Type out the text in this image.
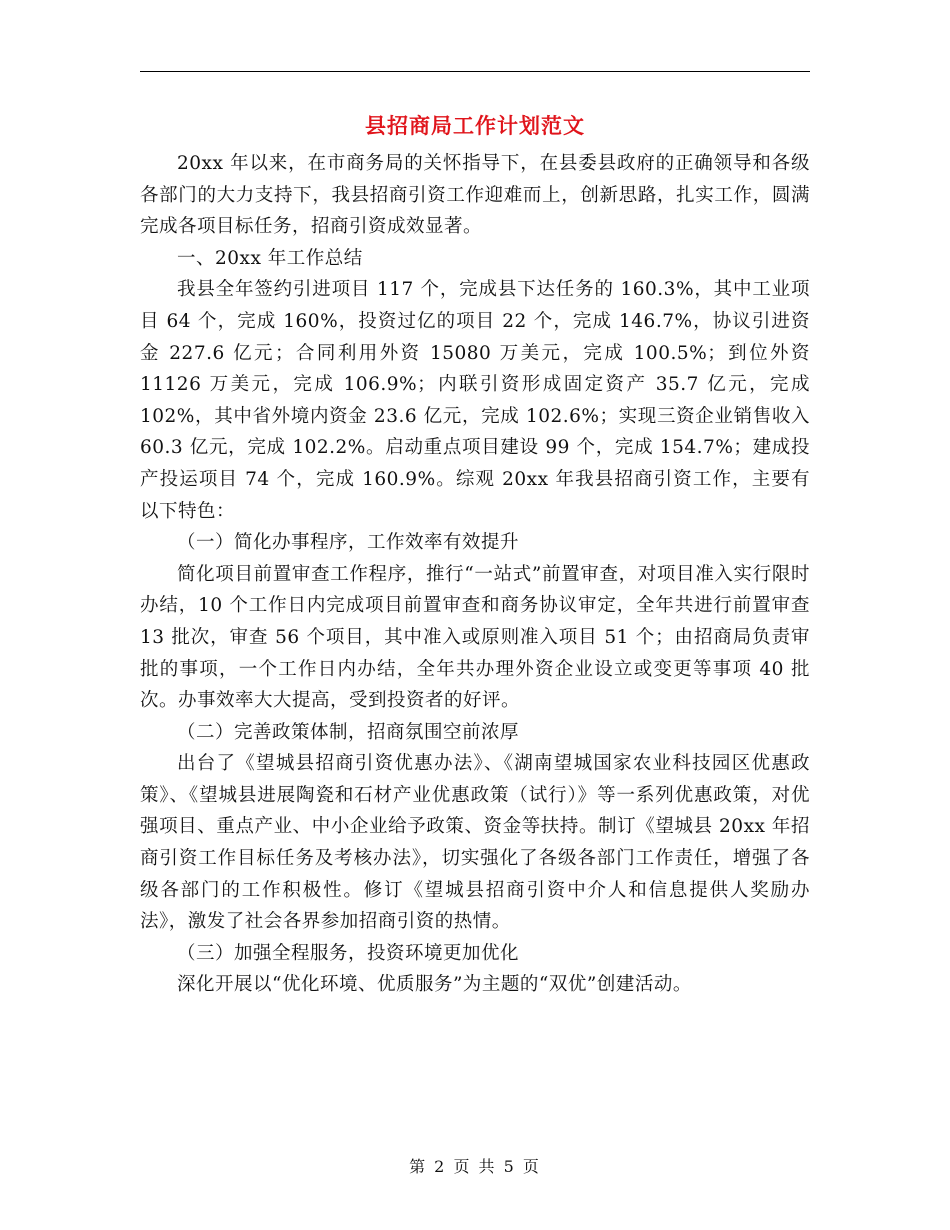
县招商局工作计划范文

20xx 年以来，在市商务局的关怀指导下，在县委县政府的正确领导和各级各部门的大力支持下，我县招商引资工作迎难而上，创新思路，扎实工作，圆满完成各项目标任务，招商引资成效显著。

一、20xx 年工作总结

我县全年签约引进项目 117 个，完成县下达任务的 160.3%，其中工业项目 64 个，完成 160%，投资过亿的项目 22 个，完成 146.7%，协议引进资金 227.6 亿元；合同利用外资 15080 万美元，完成 100.5%；到位外资 11126 万美元，完成 106.9%；内联引资形成固定资产 35.7 亿元，完成 102%，其中省外境内资金 23.6 亿元，完成 102.6%；实现三资企业销售收入 60.3 亿元，完成 102.2%。启动重点项目建设 99 个，完成 154.7%；建成投产投运项目 74 个，完成 160.9%。综观 20xx 年我县招商引资工作，主要有以下特色：

（一）简化办事程序，工作效率有效提升

简化项目前置审查工作程序，推行“一站式”前置审查，对项目准入实行限时办结，10 个工作日内完成项目前置审查和商务协议审定，全年共进行前置审查 13 批次，审查 56 个项目，其中准入或原则准入项目 51 个；由招商局负责审批的事项，一个工作日内办结，全年共办理外资企业设立或变更等事项 40 批次。办事效率大大提高，受到投资者的好评。

（二）完善政策体制，招商氛围空前浓厚

出台了《望城县招商引资优惠办法》、《湖南望城国家农业科技园区优惠政策》、《望城县进展陶瓷和石材产业优惠政策（试行）》等一系列优惠政策，对优强项目、重点产业、中小企业给予政策、资金等扶持。制订《望城县 20xx 年招商引资工作目标任务及考核办法》，切实强化了各级各部门工作责任，增强了各级各部门的工作积极性。修订《望城县招商引资中介人和信息提供人奖励办法》，激发了社会各界参加招商引资的热情。

（三）加强全程服务，投资环境更加优化

深化开展以“优化环境、优质服务”为主题的“双优”创建活动。

第 2 页 共 5 页
